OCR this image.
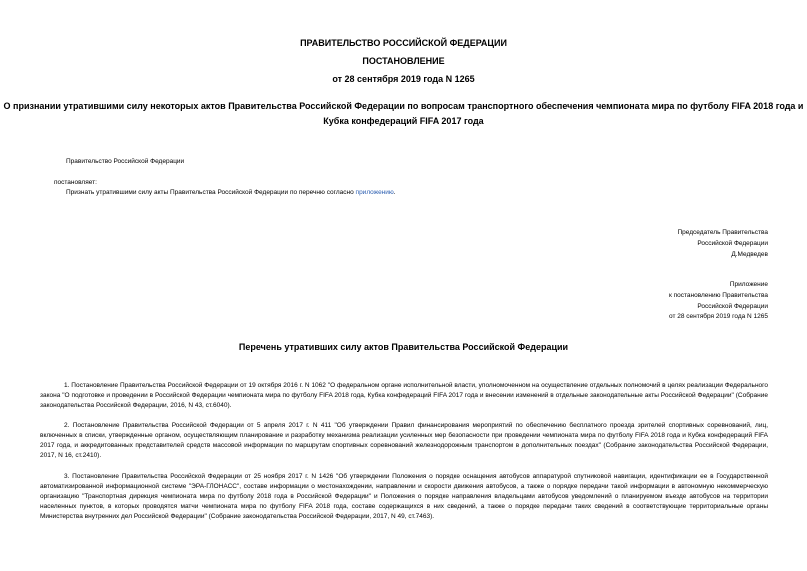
ПРАВИТЕЛЬСТВО РОССИЙСКОЙ ФЕДЕРАЦИИ
ПОСТАНОВЛЕНИЕ
от 28 сентября 2019 года N 1265
О признании утратившими силу некоторых актов Правительства Российской Федерации по вопросам транспортного обеспечения чемпионата мира по футболу FIFA 2018 года и Кубка конфедераций FIFA 2017 года
Правительство Российской Федерации
постановляет:
Признать утратившими силу акты Правительства Российской Федерации по перечню согласно приложению.
Председатель Правительства
Российской Федерации
Д.Медведев
Приложение
к постановлению Правительства
Российской Федерации
от 28 сентября 2019 года N 1265
Перечень утративших силу актов Правительства Российской Федерации

1. Постановление Правительства Российской Федерации от 19 октября 2016 г. N 1062 "О федеральном органе исполнительной власти, уполномоченном на осуществление отдельных полномочий в целях реализации Федерального закона "О подготовке и проведении в Российской Федерации чемпионата мира по футболу FIFA 2018 года, Кубка конфедераций FIFA 2017 года и внесении изменений в отдельные законодательные акты Российской Федерации" (Собрание законодательства Российской Федерации, 2016, N 43, ст.6040).

2. Постановление Правительства Российской Федерации от 5 апреля 2017 г. N 411 "Об утверждении Правил финансирования мероприятий по обеспечению бесплатного проезда зрителей спортивных соревнований, лиц, включенных в списки, утвержденные органом, осуществляющим планирование и разработку механизма реализации усиленных мер безопасности при проведении чемпионата мира по футболу FIFA 2018 года и Кубка конфедераций FIFA 2017 года, и аккредитованных представителей средств массовой информации по маршрутам спортивных соревнований железнодорожным транспортом в дополнительных поездах" (Собрание законодательства Российской Федерации, 2017, N 16, ст.2410).

3. Постановление Правительства Российской Федерации от 25 ноября 2017 г. N 1426 "Об утверждении Положения о порядке оснащения автобусов аппаратурой спутниковой навигации, идентификации ее в Государственной автоматизированной информационной системе "ЭРА-ГЛОНАСС", составе информации о местонахождении, направлении и скорости движения автобусов, а также о порядке передачи такой информации в автономную некоммерческую организацию "Транспортная дирекция чемпионата мира по футболу 2018 года в Российской Федерации" и Положения о порядке направления владельцами автобусов уведомлений о планируемом въезде автобусов на территории населенных пунктов, в которых проводятся матчи чемпионата мира по футболу FIFA 2018 года, составе содержащихся в них сведений, а также о порядке передачи таких сведений в соответствующие территориальные органы Министерства внутренних дел Российской Федерации" (Собрание законодательства Российской Федерации, 2017, N 49, ст.7463).
